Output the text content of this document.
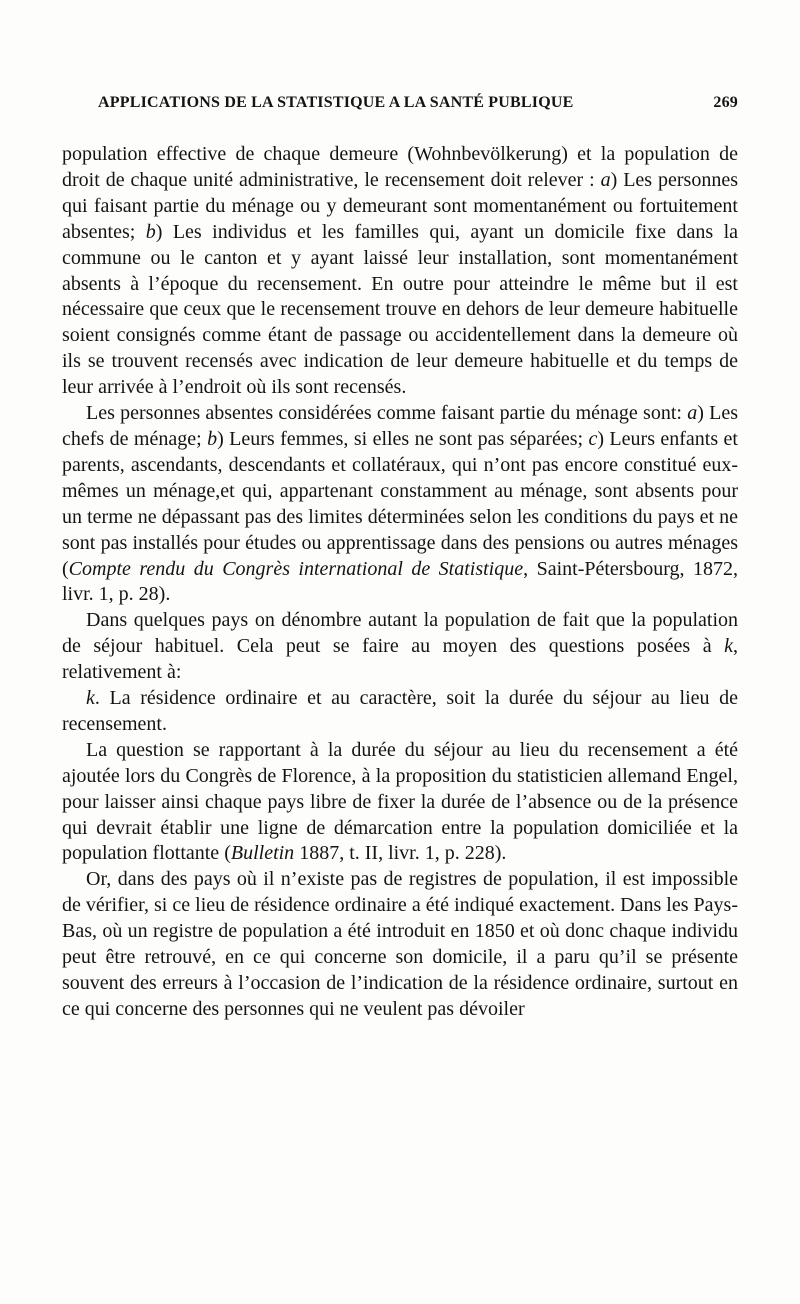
APPLICATIONS DE LA STATISTIQUE A LA SANTÉ PUBLIQUE	269

population effective de chaque demeure (Wohnbevölkerung) et la population de droit de chaque unité administrative, le recensement doit relever : a) Les personnes qui faisant partie du ménage ou y demeurant sont momentanément ou fortuitement absentes; b) Les individus et les familles qui, ayant un domicile fixe dans la commune ou le canton et y ayant laissé leur installation, sont momentanément absents à l’époque du recensement. En outre pour atteindre le même but il est nécessaire que ceux que le recensement trouve en dehors de leur demeure habituelle soient consignés comme étant de passage ou accidentellement dans la demeure où ils se trouvent recensés avec indication de leur demeure habituelle et du temps de leur arrivée à l’endroit où ils sont recensés.

Les personnes absentes considérées comme faisant partie du ménage sont: a) Les chefs de ménage; b) Leurs femmes, si elles ne sont pas séparées; c) Leurs enfants et parents, ascendants, descendants et collatéraux, qui n’ont pas encore constitué eux-mêmes un ménage,et qui, appartenant constamment au ménage, sont absents pour un terme ne dépassant pas des limites déterminées selon les conditions du pays et ne sont pas installés pour études ou apprentissage dans des pensions ou autres ménages (Compte rendu du Congrès international de Statistique, Saint-Pétersbourg, 1872, livr. 1, p. 28).

Dans quelques pays on dénombre autant la population de fait que la population de séjour habituel. Cela peut se faire au moyen des questions posées à k, relativement à:

k. La résidence ordinaire et au caractère, soit la durée du séjour au lieu de recensement.

La question se rapportant à la durée du séjour au lieu du recensement a été ajoutée lors du Congrès de Florence, à la proposition du statisticien allemand Engel, pour laisser ainsi chaque pays libre de fixer la durée de l’absence ou de la présence qui devrait établir une ligne de démarcation entre la population domiciliée et la population flottante (Bulletin 1887, t. II, livr. 1, p. 228).

Or, dans des pays où il n’existe pas de registres de population, il est impossible de vérifier, si ce lieu de résidence ordinaire a été indiqué exactement. Dans les Pays-Bas, où un registre de population a été introduit en 1850 et où donc chaque individu peut être retrouvé, en ce qui concerne son domicile, il a paru qu’il se présente souvent des erreurs à l’occasion de l’indication de la résidence ordinaire, surtout en ce qui concerne des personnes qui ne veulent pas dévoiler
